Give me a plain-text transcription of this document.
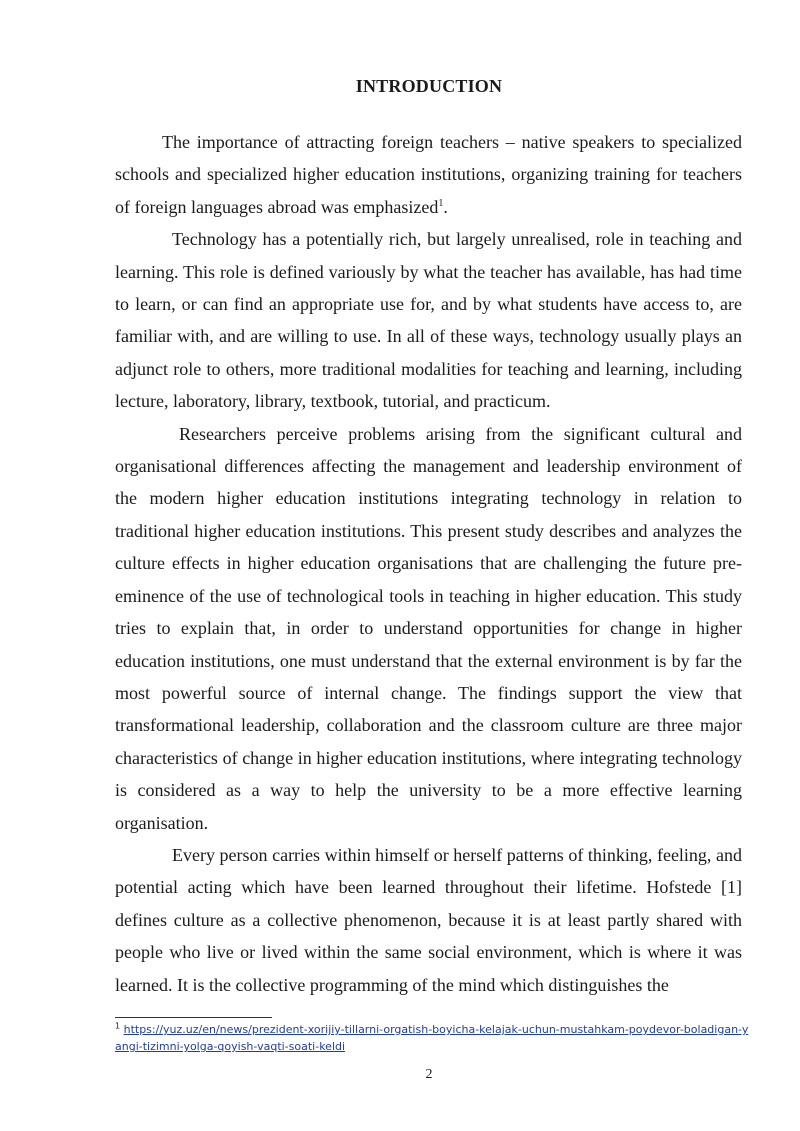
INTRODUCTION

The importance of attracting foreign teachers – native speakers to specialized schools and specialized higher education institutions, organizing training for teachers of foreign languages abroad was emphasized$^1$.

Technology has a potentially rich, but largely unrealised, role in teaching and learning. This role is defined variously by what the teacher has available, has had time to learn, or can find an appropriate use for, and by what students have access to, are familiar with, and are willing to use. In all of these ways, technology usually plays an adjunct role to others, more traditional modalities for teaching and learning, including lecture, laboratory, library, textbook, tutorial, and practicum.

Researchers perceive problems arising from the significant cultural and organisational differences affecting the management and leadership environment of the modern higher education institutions integrating technology in relation to traditional higher education institutions. This present study describes and analyzes the culture effects in higher education organisations that are challenging the future pre-eminence of the use of technological tools in teaching in higher education. This study tries to explain that, in order to understand opportunities for change in higher education institutions, one must understand that the external environment is by far the most powerful source of internal change. The findings support the view that transformational leadership, collaboration and the classroom culture are three major characteristics of change in higher education institutions, where integrating technology is considered as a way to help the university to be a more effective learning organisation.

Every person carries within himself or herself patterns of thinking, feeling, and potential acting which have been learned throughout their lifetime. Hofstede [1] defines culture as a collective phenomenon, because it is at least partly shared with people who live or lived within the same social environment, which is where it was learned. It is the collective programming of the mind which distinguishes the

$^1$ https://yuz.uz/en/news/prezident-xorijiy-tillarni-orgatish-boyicha-kelajak-uchun-mustahkam-poydevor-boladigan-yangi-tizimni-yolga-qoyish-vaqti-soati-keldi
2
